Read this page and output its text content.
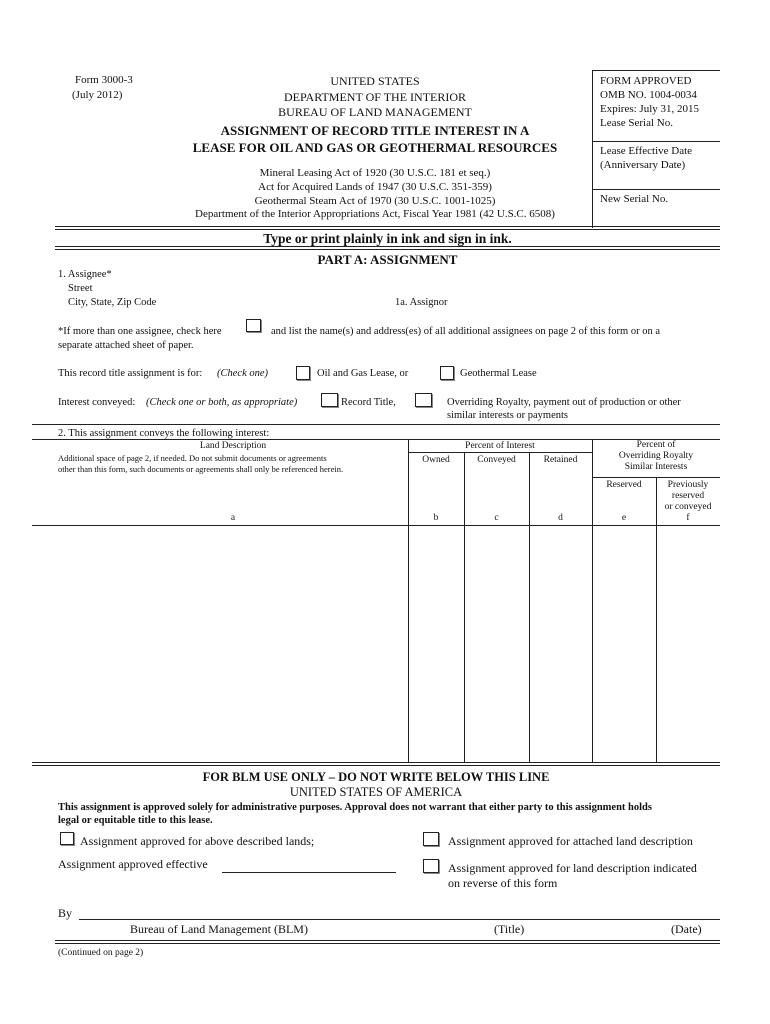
Form 3000-3
(July 2012)
UNITED STATES
DEPARTMENT OF THE INTERIOR
BUREAU OF LAND MANAGEMENT
ASSIGNMENT OF RECORD TITLE INTEREST IN A
LEASE FOR OIL AND GAS OR GEOTHERMAL RESOURCES
Mineral Leasing Act of 1920 (30 U.S.C. 181 et seq.)
Act for Acquired Lands of 1947 (30 U.S.C. 351-359)
Geothermal Steam Act of 1970 (30 U.S.C. 1001-1025)
Department of the Interior Appropriations Act, Fiscal Year 1981 (42 U.S.C. 6508)
FORM APPROVED
OMB NO. 1004-0034
Expires: July 31, 2015
Lease Serial No.
Lease Effective Date
(Anniversary Date)
New Serial No.
Type or print plainly in ink and sign in ink.
PART A: ASSIGNMENT
1. Assignee*
Street
City, State, Zip Code	1a. Assignor
*If more than one assignee, check here	and list the name(s) and address(es) of all additional assignees on page 2 of this form or on a
separate attached sheet of paper.
This record title assignment is for: (Check one)	Oil and Gas Lease, or	Geothermal Lease
Interest conveyed: (Check one or both, as appropriate)	Record Title,	Overriding Royalty, payment out of production or other
similar interests or payments
2. This assignment conveys the following interest:
Land Description
Additional space of page 2, if needed. Do not submit documents or agreements
other than this form, such documents or agreements shall only be referenced herein.
Percent of Interest
Owned	Conveyed	Retained
Percent of
Overriding Royalty
Similar Interests
Reserved	Previously
reserved
or conveyed
a	b	c	d	e	f
FOR BLM USE ONLY – DO NOT WRITE BELOW THIS LINE
UNITED STATES OF AMERICA
This assignment is approved solely for administrative purposes. Approval does not warrant that either party to this assignment holds
legal or equitable title to this lease.
Assignment approved for above described lands;	Assignment approved for attached land description
Assignment approved effective	Assignment approved for land description indicated
on reverse of this form
By
Bureau of Land Management (BLM)	(Title)	(Date)
(Continued on page 2)
